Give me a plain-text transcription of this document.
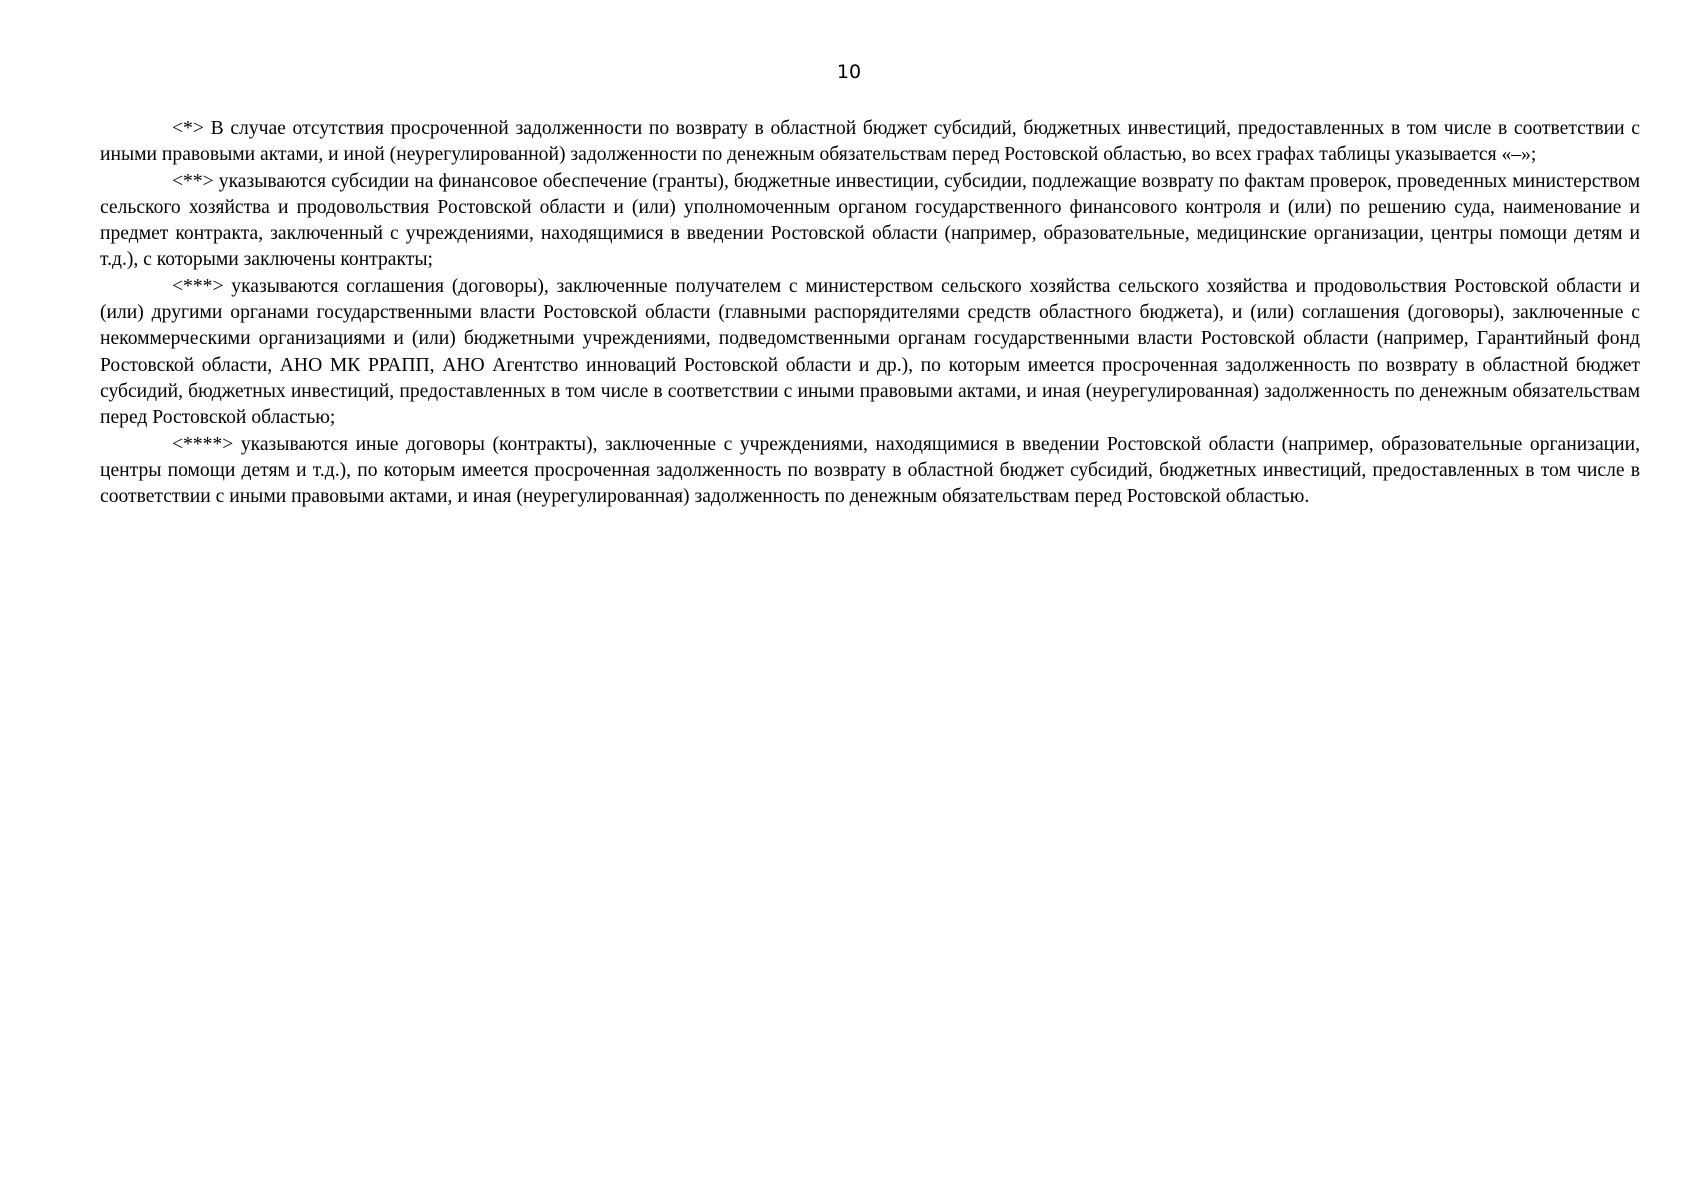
10

<*> В случае отсутствия просроченной задолженности по возврату в областной бюджет субсидий, бюджетных инвестиций, предоставленных в том числе в соответствии с иными правовыми актами, и иной (неурегулированной) задолженности по денежным обязательствам перед Ростовской областью, во всех графах таблицы указывается «–»;

<**> указываются субсидии на финансовое обеспечение (гранты), бюджетные инвестиции, субсидии, подлежащие возврату по фактам проверок, проведенных министерством сельского хозяйства и продовольствия Ростовской области и (или) уполномоченным органом государственного финансового контроля и (или) по решению суда, наименование и предмет контракта, заключенный с учреждениями, находящимися в введении Ростовской области (например, образовательные, медицинские организации, центры помощи детям и т.д.), с которыми заключены контракты;

<***> указываются соглашения (договоры), заключенные получателем с министерством сельского хозяйства сельского хозяйства и продовольствия Ростовской области и (или) другими органами государственными власти Ростовской области (главными распорядителями средств областного бюджета), и (или) соглашения (договоры), заключенные с некоммерческими организациями и (или) бюджетными учреждениями, подведомственными органам государственными власти Ростовской области (например, Гарантийный фонд Ростовской области, АНО МК РРАПП, АНО Агентство инноваций Ростовской области и др.), по которым имеется просроченная задолженность по возврату в областной бюджет субсидий, бюджетных инвестиций, предоставленных в том числе в соответствии с иными правовыми актами, и иная (неурегулированная) задолженность по денежным обязательствам перед Ростовской областью;

<****> указываются иные договоры (контракты), заключенные с учреждениями, находящимися в введении Ростовской области (например, образовательные организации, центры помощи детям и т.д.), по которым имеется просроченная задолженность по возврату в областной бюджет субсидий, бюджетных инвестиций, предоставленных в том числе в соответствии с иными правовыми актами, и иная (неурегулированная) задолженность по денежным обязательствам перед Ростовской областью.
